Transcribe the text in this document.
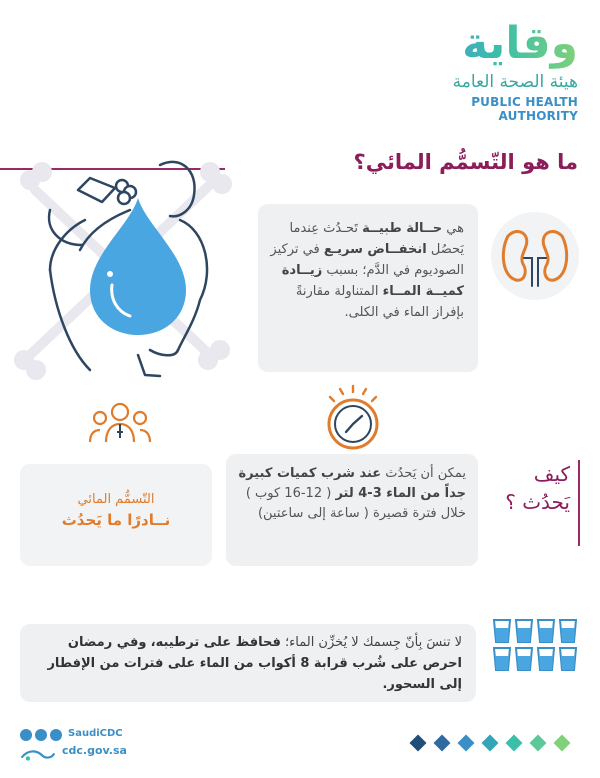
وقاية
هيئة الصحة العامة
PUBLIC HEALTH AUTHORITY
ما هو التّسمُّم المائي؟
هي حــالة طبيــة تَحـدُث عِندما يَحصُل انخفــاض سريـع في تركيز الصوديوم في الدَّم؛ بسبب زيــادة كميــة المــاء المتناولة مقارنةً بإفراز الماء في الكلى.
التّسمُّم المائي
نــادرًا ما يَحدُث
يمكن أن يَحدُث عند شرب كميات كبيرة جداً من الماء 3-4 لتر ( 12-16 كوب ) خلال فترة قصيرة ( ساعة إلى ساعتين)
كيف
يَحدُث ؟
لا تنسَ بِأنّ جِسمك لا يُخزِّن الماء؛ فحافظ على ترطيبه، وفي رمضان احرص على شُرب قرابة 8 أكواب من الماء على فترات من الإفطار إلى السحور.
SaudiCDC
cdc.gov.sa
